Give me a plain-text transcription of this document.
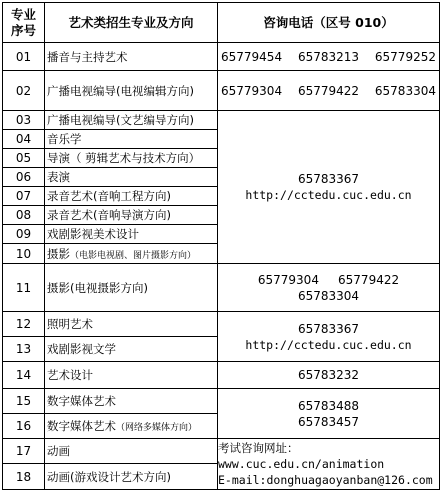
专业
序号	艺术类招生专业及方向	咨询电话（区号 010）
01	播音与主持艺术	65779454 65783213 65779252

02	广播电视编导(电视编辑方向)	65779304 65779422 65783304

03	广播电视编导(文艺编导方向)	65783367
http://cctedu.cuc.edu.cn

04	音乐学	
05	导演（ 剪辑艺术与技术方向）	
06	表演	
07	录音艺术(音响工程方向)	
08	录音艺术(音响导演方向)	
09	戏剧影视美术设计	
10	摄影（电影电视剧、图片摄影方向）	
11	摄影(电视摄影方向)	65779304 65779422
65783304

12	照明艺术	65783367
http://cctedu.cuc.edu.cn

13	戏剧影视文学	
14	艺术设计	65783232

15	数字媒体艺术	65783488
65783457

16	数字媒体艺术（网络多媒体方向）	
17	动画	考试咨询网址：
www.cuc.edu.cn/animation
E-mail:donghuagaoyanban@126.com

18	动画(游戏设计艺术方向)	
